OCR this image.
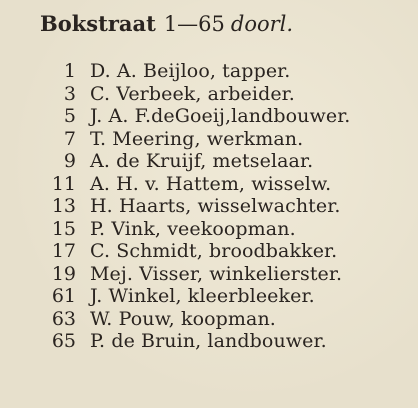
Bokstraat 1—65 doorl.
1 D. A. Beijloo, tapper.
3 C. Verbeek, arbeider.
5 J. A. F.deGoeij,landbouwer.
7 T. Meering, werkman.
9 A. de Kruijf, metselaar.
11 A. H. v. Hattem, wisselw.
13 H. Haarts, wisselwachter.
15 P. Vink, veekoopman.
17 C. Schmidt, broodbakker.
19 Mej. Visser, winkelierster.
61 J. Winkel, kleerbleeker.
63 W. Pouw, koopman.
65 P. de Bruin, landbouwer.
